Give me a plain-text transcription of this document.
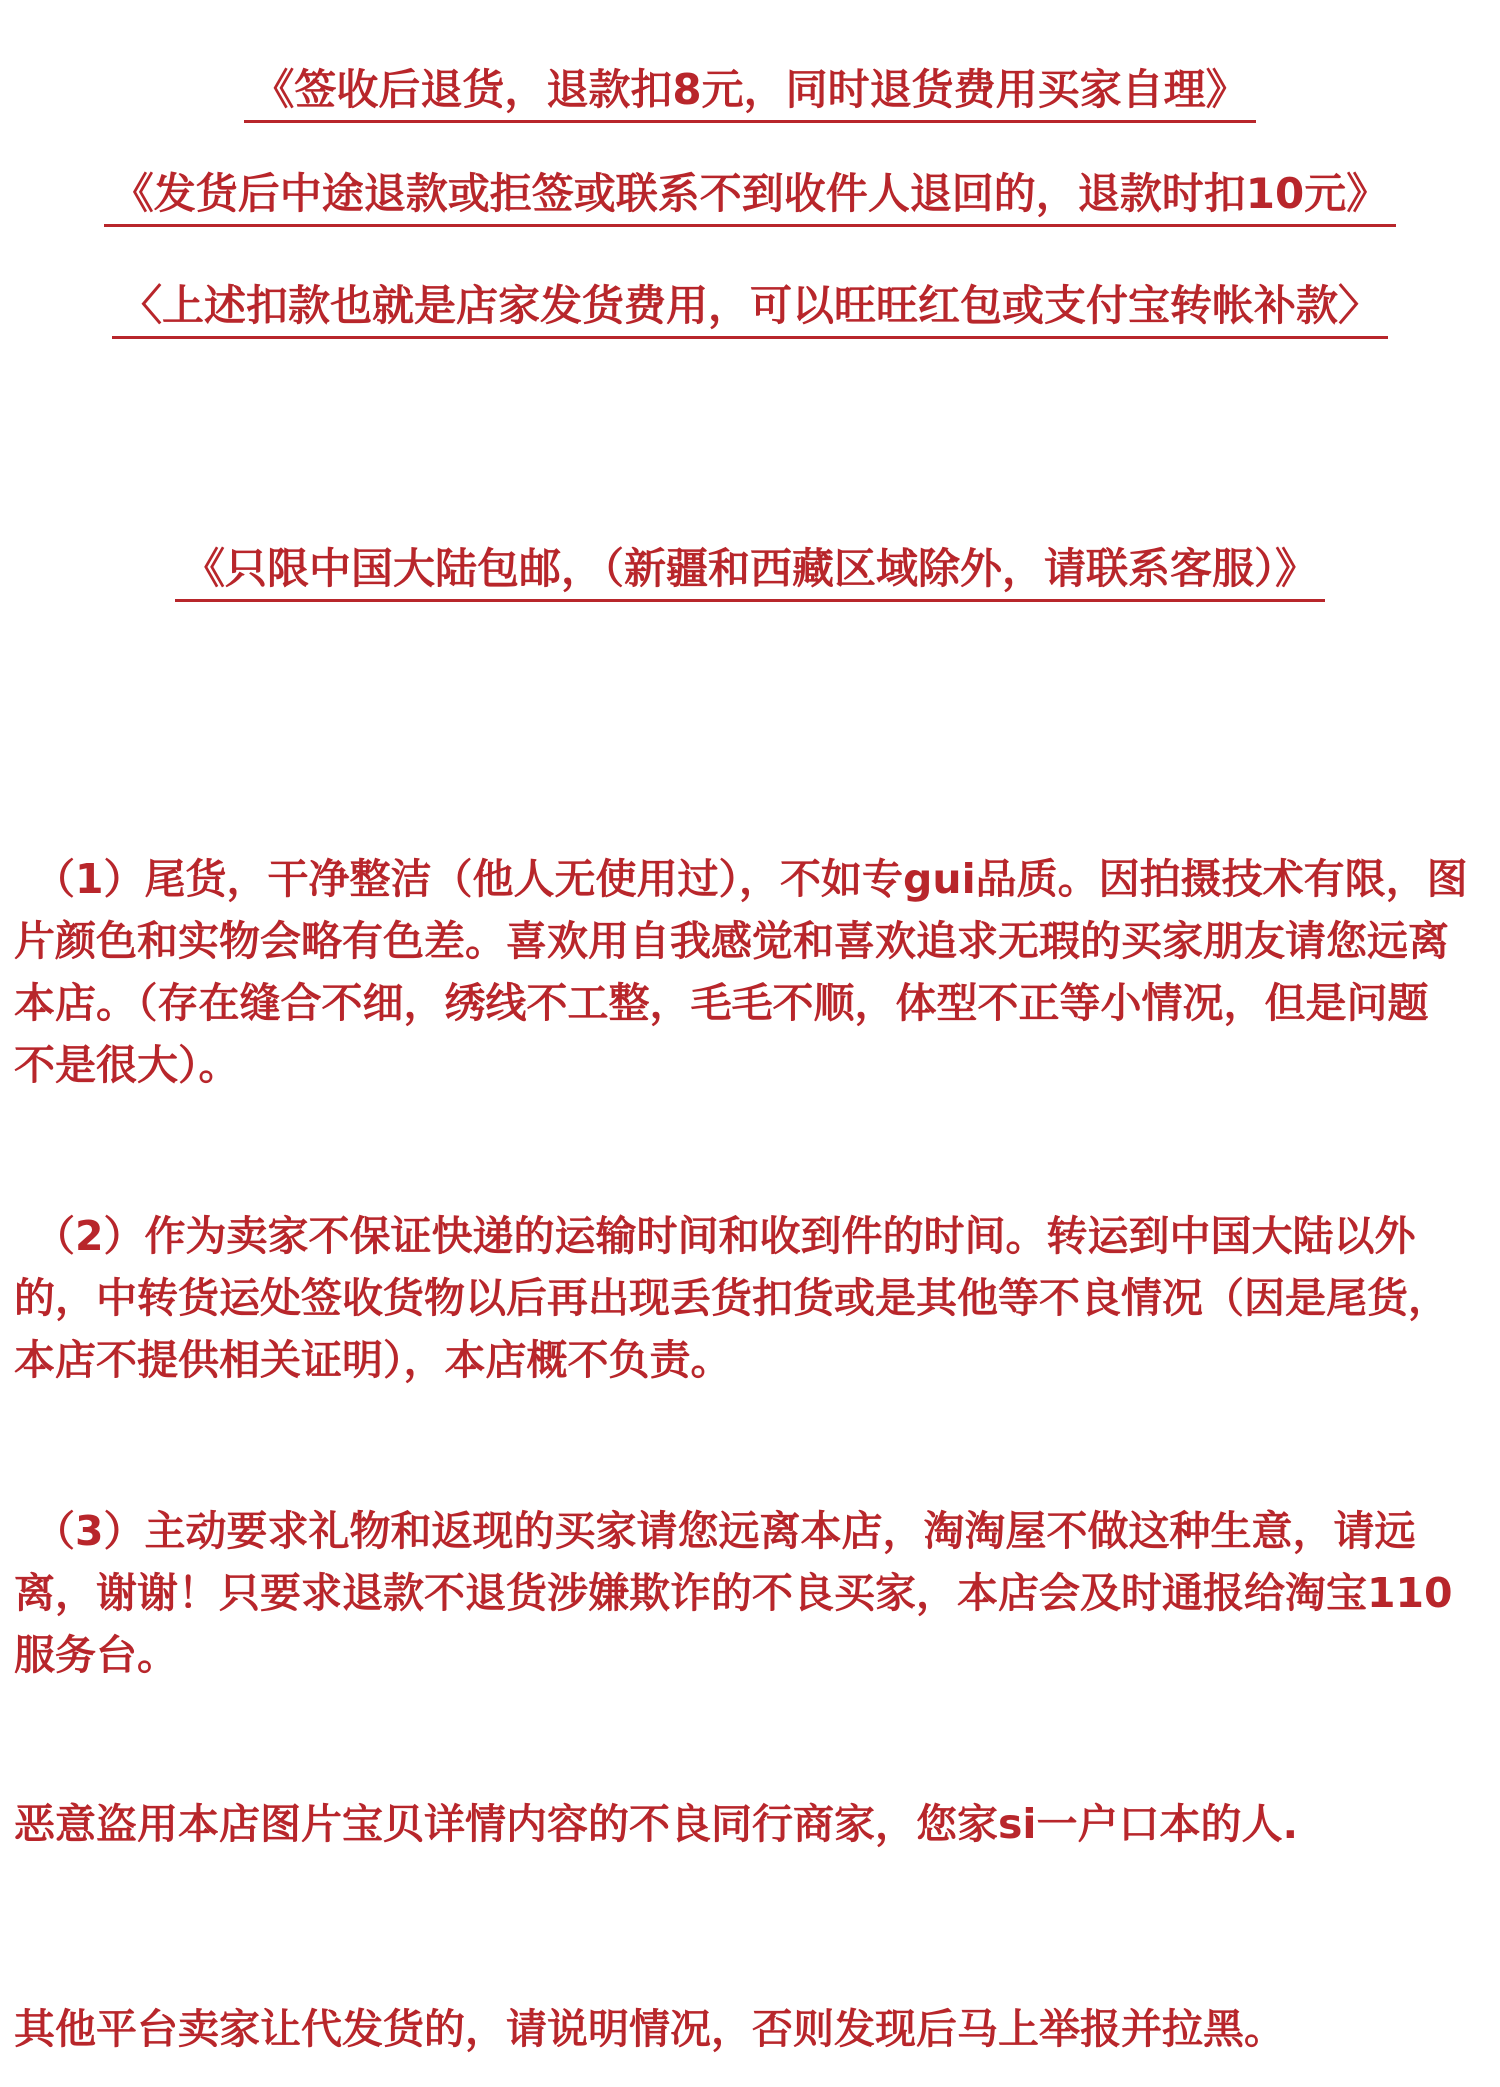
《签收后退货，退款扣8元，同时退货费用买家自理》
《发货后中途退款或拒签或联系不到收件人退回的，退款时扣10元》
〈上述扣款也就是店家发货费用，可以旺旺红包或支付宝转帐补款〉
《只限中国大陆包邮，（新疆和西藏区域除外，请联系客服）》

（1）尾货，干净整洁（他人无使用过），不如专gui品质。因拍摄技术有限，图片颜色和实物会略有色差。喜欢用自我感觉和喜欢追求无瑕的买家朋友请您远离本店。（存在缝合不细，绣线不工整，毛毛不顺，体型不正等小情况，但是问题不是很大）。

（2）作为卖家不保证快递的运输时间和收到件的时间。转运到中国大陆以外的，中转货运处签收货物以后再出现丢货扣货或是其他等不良情况（因是尾货，本店不提供相关证明），本店概不负责。

（3）主动要求礼物和返现的买家请您远离本店，淘淘屋不做这种生意，请远离，谢谢！只要求退款不退货涉嫌欺诈的不良买家，本店会及时通报给淘宝110服务台。

恶意盗用本店图片宝贝详情内容的不良同行商家，您家si一户口本的人.

其他平台卖家让代发货的，请说明情况，否则发现后马上举报并拉黑。
